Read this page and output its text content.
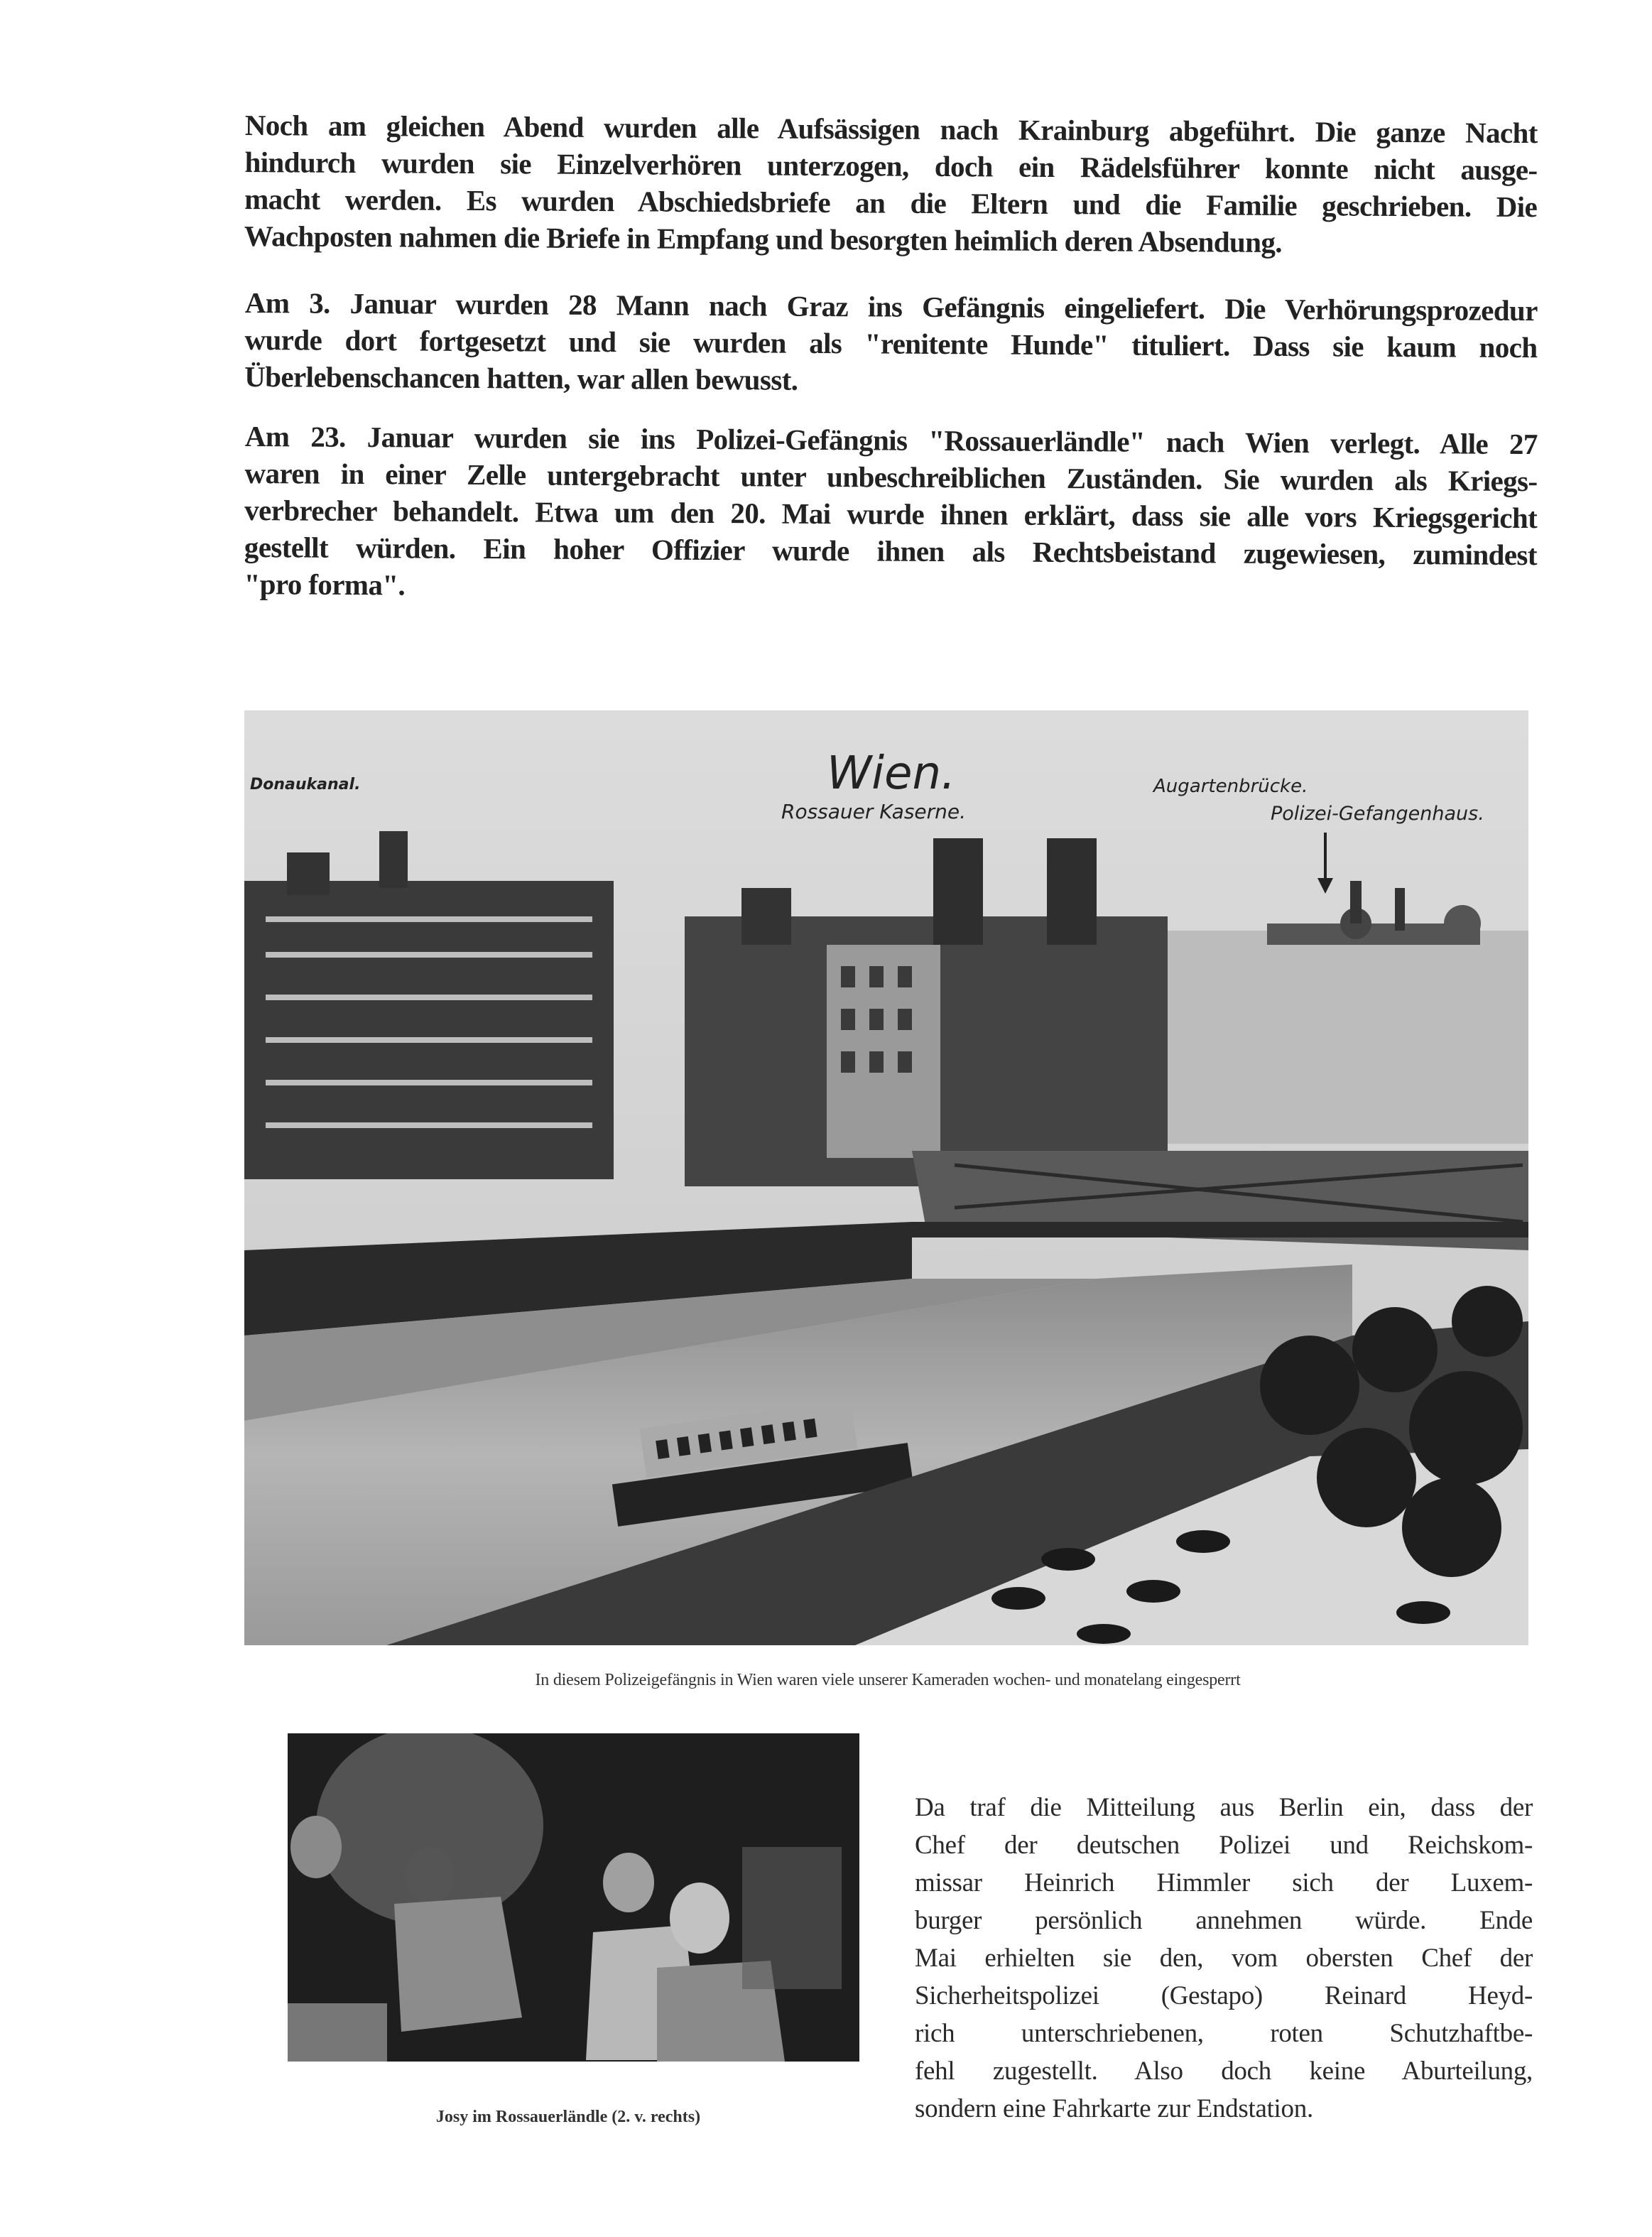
Noch am gleichen Abend wurden alle Aufsässigen nach Krainburg abgeführt. Die ganze Nacht
hindurch wurden sie Einzelverhören unterzogen, doch ein Rädelsführer konnte nicht ausge-
macht werden. Es wurden Abschiedsbriefe an die Eltern und die Familie geschrieben. Die
Wachposten nahmen die Briefe in Empfang und besorgten heimlich deren Absendung.
Am 3. Januar wurden 28 Mann nach Graz ins Gefängnis eingeliefert. Die Verhörungsprozedur
wurde dort fortgesetzt und sie wurden als "renitente Hunde" tituliert. Dass sie kaum noch
Überlebenschancen hatten, war allen bewusst.
Am 23. Januar wurden sie ins Polizei-Gefängnis "Rossauerländle" nach Wien verlegt. Alle 27
waren in einer Zelle untergebracht unter unbeschreiblichen Zuständen. Sie wurden als Kriegs-
verbrecher behandelt. Etwa um den 20. Mai wurde ihnen erklärt, dass sie alle vors Kriegsgericht
gestellt würden. Ein hoher Offizier wurde ihnen als Rechtsbeistand zugewiesen, zumindest
"pro forma".
Donaukanal.	Wien.
Rossauer Kaserne.
Augartenbrücke.
Polizei-Gefangenhaus.
In diesem Polizeigefängnis in Wien waren viele unserer Kameraden wochen- und monatelang eingesperrt
Josy im Rossauerländle (2. v. rechts)
Da traf die Mitteilung aus Berlin ein, dass der
Chef der deutschen Polizei und Reichskom-
missar Heinrich Himmler sich der Luxem-
burger persönlich annehmen würde. Ende
Mai erhielten sie den, vom obersten Chef der
Sicherheitspolizei (Gestapo) Reinard Heyd-
rich unterschriebenen, roten Schutzhaftbe-
fehl zugestellt. Also doch keine Aburteilung,
sondern eine Fahrkarte zur Endstation.
